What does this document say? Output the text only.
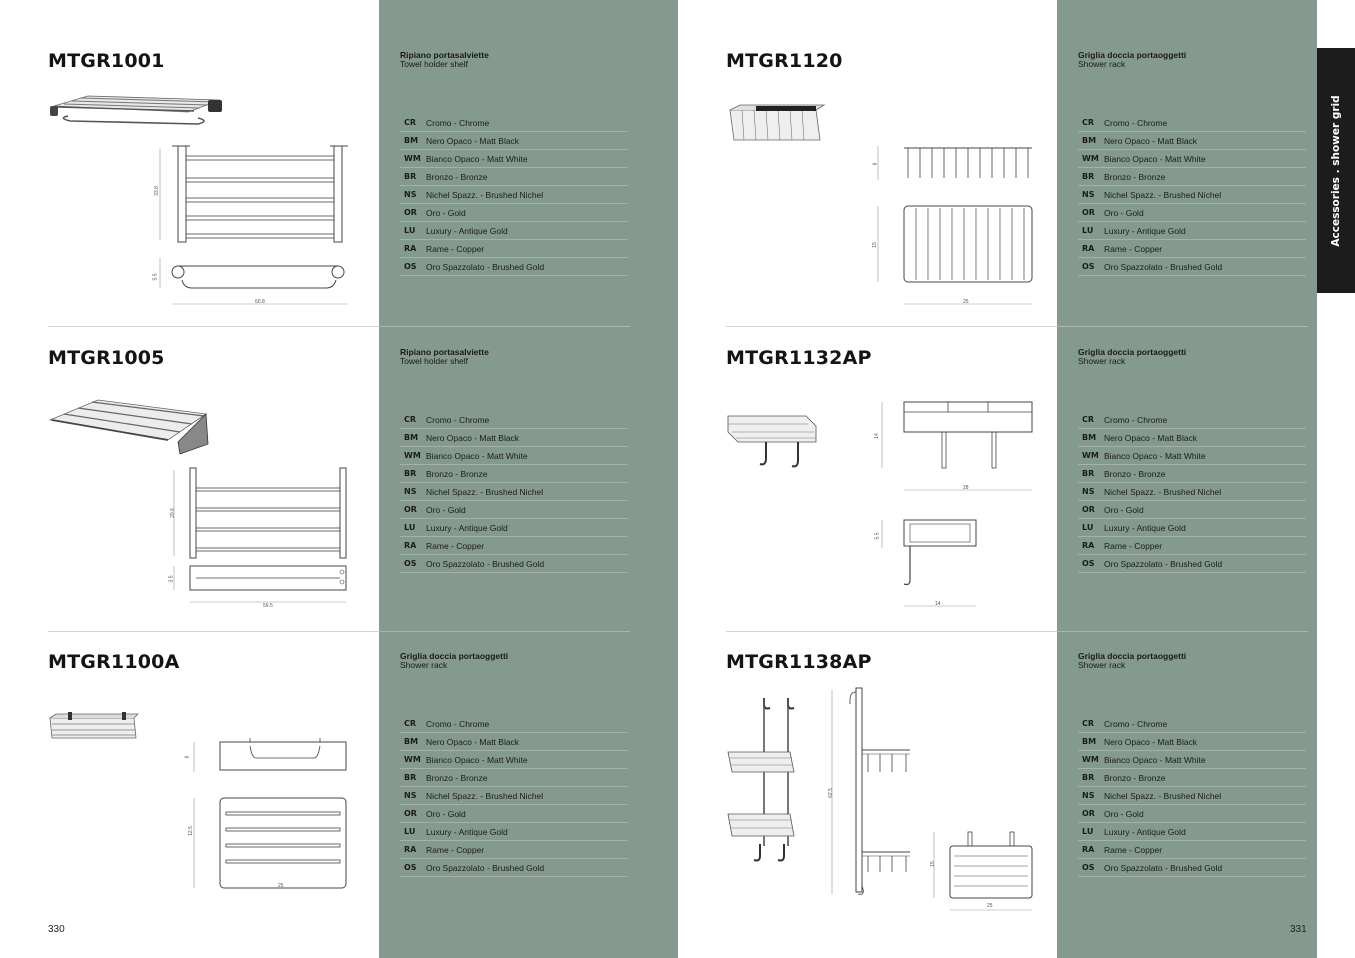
MTGR1001	Ripiano portasalviette
Towel holder shelf
CR	Cromo - Chrome
BM Nero Opaco - Matt Black
WM Bianco Opaco - Matt White
BR	Bronzo - Bronze
NS	Nichel Spazz. - Brushed Nichel
OR	Oro - Gold
LU	Luxury - Antique Gold
RA	Rame - Copper
OS	Oro Spazzolato - Brushed Gold
33.8
5.5
60.8
MTGR1005	Ripiano portasalviette
Towel holder shelf
CR	Cromo - Chrome
BM Nero Opaco - Matt Black
WM Bianco Opaco - Matt White
BR	Bronzo - Bronze
NS	Nichel Spazz. - Brushed Nichel
OR	Oro - Gold
LU	Luxury - Antique Gold
RA	Rame - Copper
OS	Oro Spazzolato - Brushed Gold
20.6
3.5
59.5
MTGR1100A	Griglia doccia portaoggetti
Shower rack
CR	Cromo - Chrome
BM Nero Opaco - Matt Black
WM Bianco Opaco - Matt White
BR	Bronzo - Bronze
NS	Nichel Spazz. - Brushed Nichel
OR	Oro - Gold
LU	Luxury - Antique Gold
RA	Rame - Copper
OS	Oro Spazzolato - Brushed Gold
6
12.5
25
MTGR1120	Griglia doccia portaoggetti
Shower rack
CR	Cromo - Chrome
BM Nero Opaco - Matt Black
WM Bianco Opaco - Matt White
BR	Bronzo - Bronze
NS	Nichel Spazz. - Brushed Nichel
OR	Oro - Gold
LU	Luxury - Antique Gold
RA	Rame - Copper
OS	Oro Spazzolato - Brushed Gold
6
15
25
MTGR1132AP	Griglia doccia portaoggetti
Shower rack
CR	Cromo - Chrome
BM Nero Opaco - Matt Black
WM Bianco Opaco - Matt White
BR	Bronzo - Bronze
NS	Nichel Spazz. - Brushed Nichel
OR	Oro - Gold
LU	Luxury - Antique Gold
RA	Rame - Copper
OS	Oro Spazzolato - Brushed Gold
14
28
5.5
14
MTGR1138AP	Griglia doccia portaoggetti
Shower rack
CR	Cromo - Chrome
BM Nero Opaco - Matt Black
WM Bianco Opaco - Matt White
BR	Bronzo - Bronze
NS	Nichel Spazz. - Brushed Nichel
OR	Oro - Gold
LU	Luxury - Antique Gold
RA	Rame - Copper
OS	Oro Spazzolato - Brushed Gold
62.5
15
25
330	331
Accessories . shower grid
